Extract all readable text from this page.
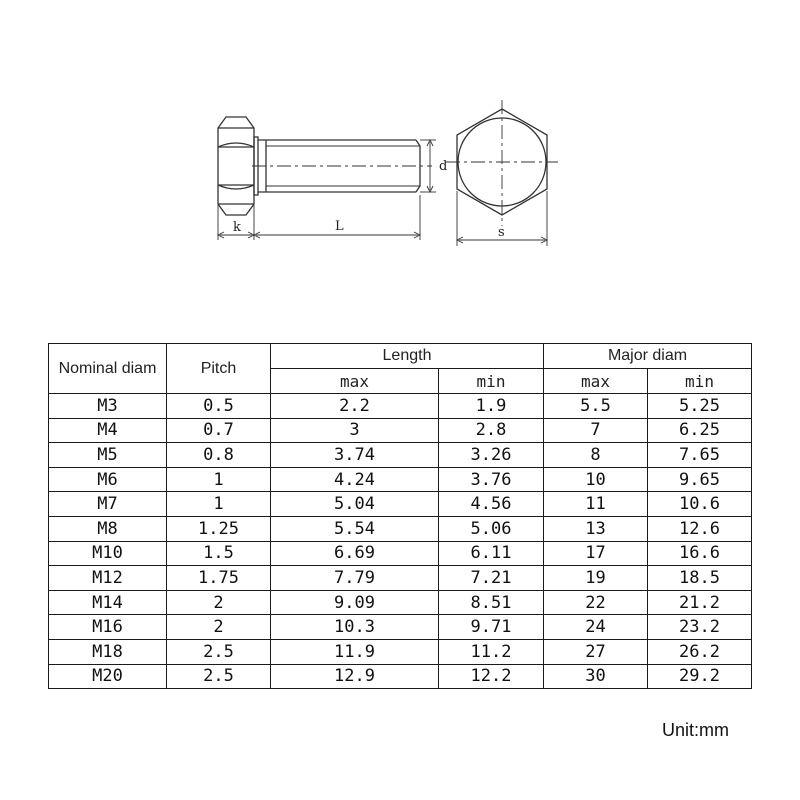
k	L
d
s
Nominal diam	Pitch	Length		Major diam	
		max	min	max	min
M3	0.5	2.2	1.9	5.5	5.25
M4	0.7	3	2.8	7	6.25
M5	0.8	3.74	3.26	8	7.65
M6	1	4.24	3.76	10	9.65
M7	1	5.04	4.56	11	10.6
M8	1.25	5.54	5.06	13	12.6
M10	1.5	6.69	6.11	17	16.6
M12	1.75	7.79	7.21	19	18.5
M14	2	9.09	8.51	22	21.2
M16	2	10.3	9.71	24	23.2
M18	2.5	11.9	11.2	27	26.2
M20	2.5	12.9	12.2	30	29.2
Unit:mm
